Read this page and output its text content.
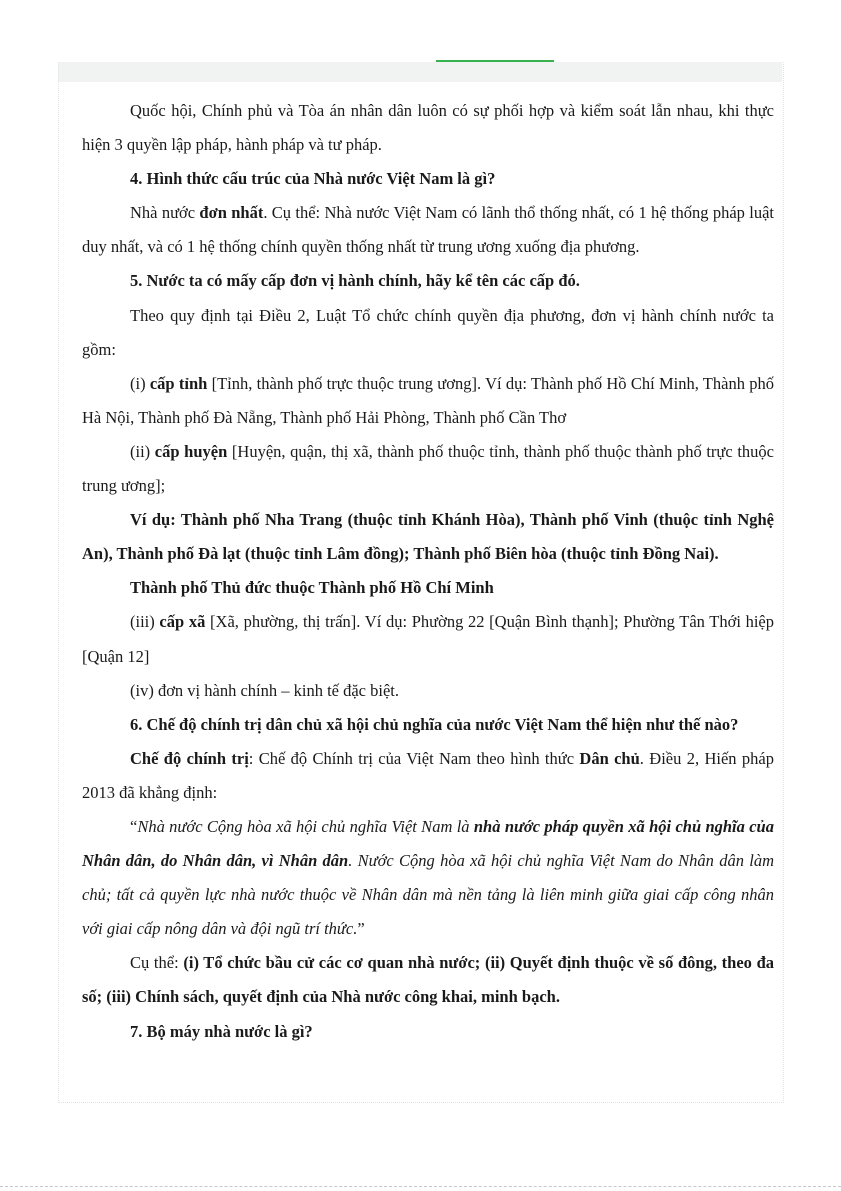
Quốc hội, Chính phủ và Tòa án nhân dân luôn có sự phối hợp và kiểm soát lẫn nhau, khi thực hiện 3 quyền lập pháp, hành pháp và tư pháp.

4. Hình thức cấu trúc của Nhà nước Việt Nam là gì?

Nhà nước đơn nhất. Cụ thể: Nhà nước Việt Nam có lãnh thổ thống nhất, có 1 hệ thống pháp luật duy nhất, và có 1 hệ thống chính quyền thống nhất từ trung ương xuống địa phương.

5. Nước ta có mấy cấp đơn vị hành chính, hãy kể tên các cấp đó.

Theo quy định tại Điều 2, Luật Tổ chức chính quyền địa phương, đơn vị hành chính nước ta gồm:

(i) cấp tỉnh [Tỉnh, thành phố trực thuộc trung ương]. Ví dụ: Thành phố Hồ Chí Minh, Thành phố Hà Nội, Thành phố Đà Nẵng, Thành phố Hải Phòng, Thành phố Cần Thơ

(ii) cấp huyện [Huyện, quận, thị xã, thành phố thuộc tỉnh, thành phố thuộc thành phố trực thuộc trung ương];

Ví dụ: Thành phố Nha Trang (thuộc tỉnh Khánh Hòa), Thành phố Vinh (thuộc tỉnh Nghệ An), Thành phố Đà lạt (thuộc tỉnh Lâm đồng); Thành phố Biên hòa (thuộc tỉnh Đồng Nai).

Thành phố Thủ đức thuộc Thành phố Hồ Chí Minh

(iii) cấp xã [Xã, phường, thị trấn]. Ví dụ: Phường 22 [Quận Bình thạnh]; Phường Tân Thới hiệp [Quận 12]

(iv) đơn vị hành chính – kinh tế đặc biệt.

6. Chế độ chính trị dân chủ xã hội chủ nghĩa của nước Việt Nam thể hiện như thế nào?

Chế độ chính trị: Chế độ Chính trị của Việt Nam theo hình thức Dân chủ. Điều 2, Hiến pháp 2013 đã khẳng định:

“Nhà nước Cộng hòa xã hội chủ nghĩa Việt Nam là nhà nước pháp quyền xã hội chủ nghĩa của Nhân dân, do Nhân dân, vì Nhân dân. Nước Cộng hòa xã hội chủ nghĩa Việt Nam do Nhân dân làm chủ; tất cả quyền lực nhà nước thuộc về Nhân dân mà nền tảng là liên minh giữa giai cấp công nhân với giai cấp nông dân và đội ngũ trí thức.”

Cụ thể: (i) Tổ chức bầu cử các cơ quan nhà nước; (ii) Quyết định thuộc về số đông, theo đa số; (iii) Chính sách, quyết định của Nhà nước công khai, minh bạch.

7. Bộ máy nhà nước là gì?
